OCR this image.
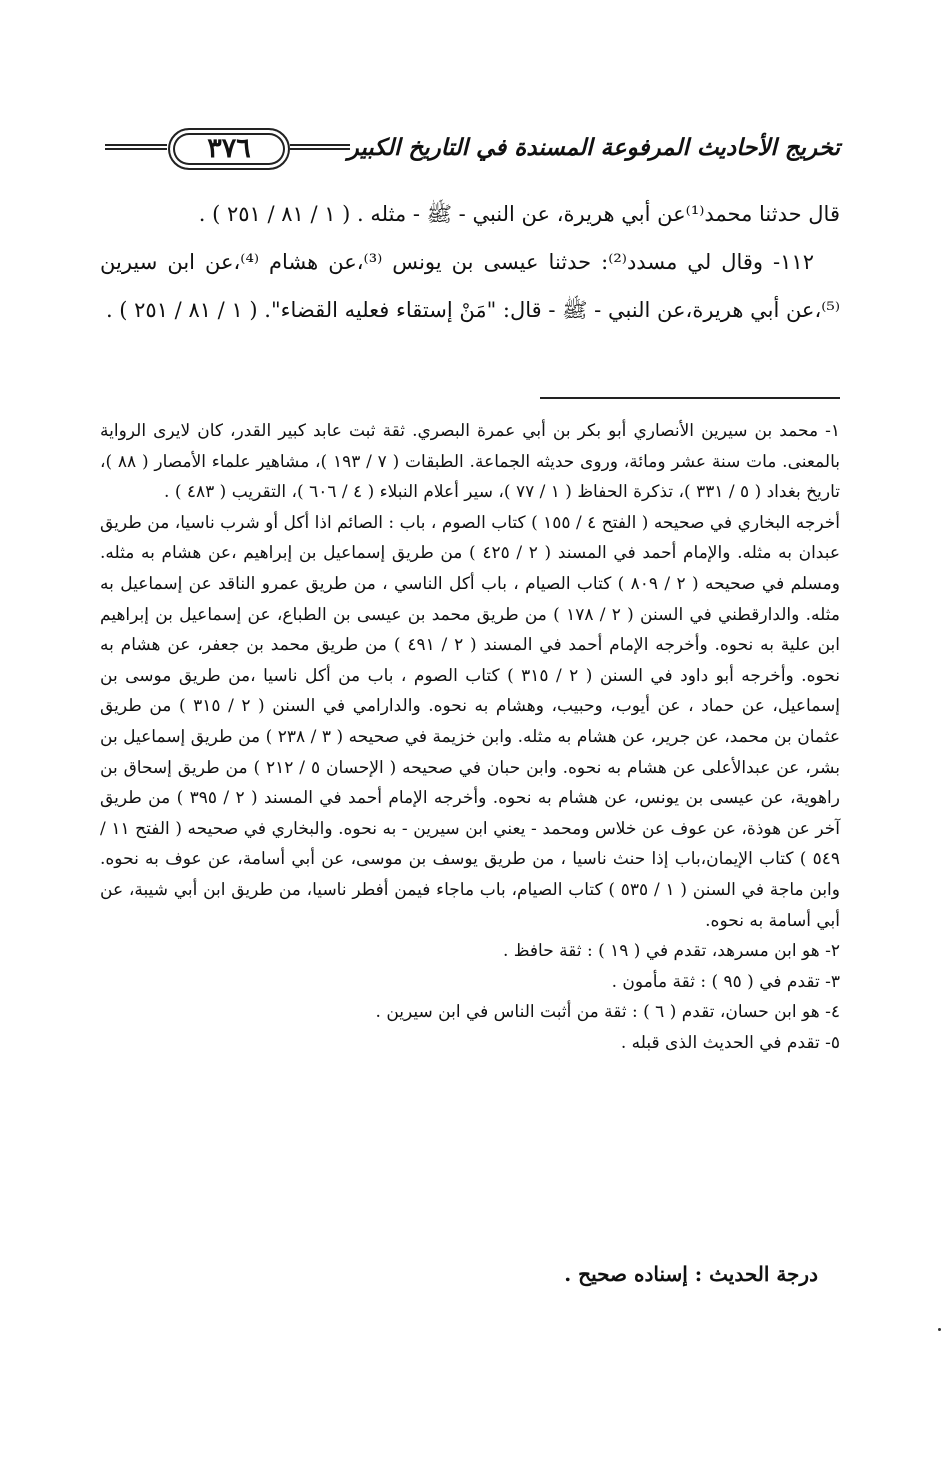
٣٧٦	تخريج الأحاديث المرفوعة المسندة في التاريخ الكبير

قال حدثنا محمد⁽¹⁾عن أبي هريرة، عن النبي - ﷺ - مثله . ( ١ / ٨١ / ٢٥١ ) .

١١٢- وقال لي مسدد⁽²⁾: حدثنا عيسى بن يونس ⁽³⁾،عن هشام ⁽⁴⁾،عن ابن سيرين ⁽⁵⁾،عن أبي هريرة،عن النبي - ﷺ - قال: "مَنْ إستقاء فعليه القضاء". ( ١ / ٨١ / ٢٥١ ) .

١- محمد بن سيرين الأنصاري أبو بكر بن أبي عمرة البصري. ثقة ثبت عابد كبير القدر، كان لايرى الرواية بالمعنى. مات سنة عشر ومائة، وروى حديثه الجماعة. الطبقات ( ٧ / ١٩٣ )، مشاهير علماء الأمصار ( ٨٨ )، تاريخ بغداد ( ٥ / ٣٣١ )، تذكرة الحفاظ ( ١ / ٧٧ )، سير أعلام النبلاء ( ٤ / ٦٠٦ )، التقريب ( ٤٨٣ ) .

أخرجه البخاري في صحيحه ( الفتح ٤ / ١٥٥ ) كتاب الصوم ، باب : الصائم اذا أكل أو شرب ناسيا، من طريق عبدان به مثله. والإمام أحمد في المسند ( ٢ / ٤٢٥ ) من طريق إسماعيل بن إبراهيم ،عن هشام به مثله. ومسلم في صحيحه ( ٢ / ٨٠٩ ) كتاب الصيام ، باب أكل الناسي ، من طريق عمرو الناقد عن إسماعيل به مثله. والدارقطني في السنن ( ٢ / ١٧٨ ) من طريق محمد بن عيسى بن الطباع، عن إسماعيل بن إبراهيم ابن علية به نحوه. وأخرجه الإمام أحمد في المسند ( ٢ / ٤٩١ ) من طريق محمد بن جعفر، عن هشام به نحوه. وأخرجه أبو داود في السنن ( ٢ / ٣١٥ ) كتاب الصوم ، باب من أكل ناسيا ،من طريق موسى بن إسماعيل، عن حماد ، عن أيوب، وحبيب، وهشام به نحوه. والدارامي في السنن ( ٢ / ٣١٥ ) من طريق عثمان بن محمد، عن جرير، عن هشام به مثله. وابن خزيمة في صحيحه ( ٣ / ٢٣٨ ) من طريق إسماعيل بن بشر، عن عبدالأعلى عن هشام به نحوه. وابن حبان في صحيحه ( الإحسان ٥ / ٢١٢ ) من طريق إسحاق بن راهوية، عن عيسى بن يونس، عن هشام به نحوه. وأخرجه الإمام أحمد في المسند ( ٢ / ٣٩٥ ) من طريق آخر عن هوذة، عن عوف عن خلاس ومحمد - يعني ابن سيرين - به نحوه. والبخاري في صحيحه ( الفتح ١١ / ٥٤٩ ) كتاب الإيمان،باب إذا حنث ناسيا ، من طريق يوسف بن موسى، عن أبي أسامة، عن عوف به نحوه. وابن ماجة في السنن ( ١ / ٥٣٥ ) كتاب الصيام، باب ماجاء فيمن أفطر ناسيا، من طريق ابن أبي شيبة، عن أبي أسامة به نحوه.

٢- هو ابن مسرهد، تقدم في ( ١٩ ) : ثقة حافظ .

٣- تقدم في ( ٩٥ ) : ثقة مأمون .

٤- هو ابن حسان، تقدم ( ٦ ) : ثقة من أثبت الناس في ابن سيرين .

٥- تقدم في الحديث الذى قبله .

درجة الحديث : إسناده صحيح .
